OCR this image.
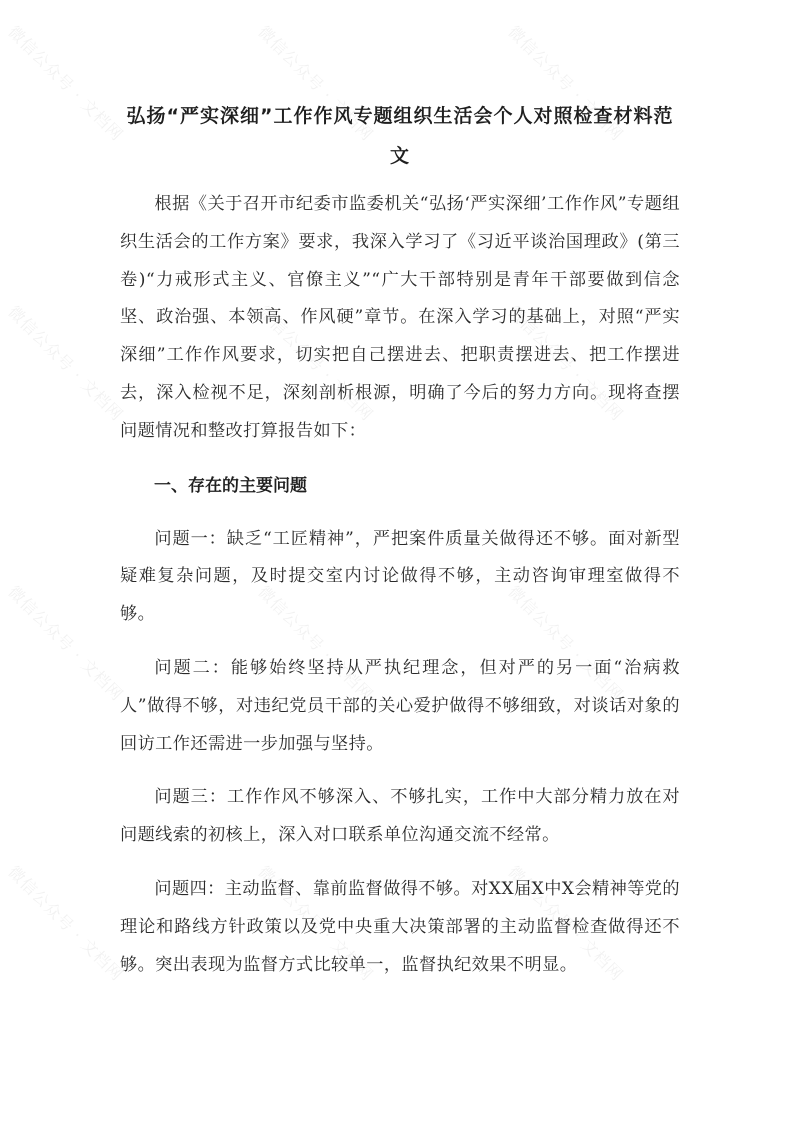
微信公众号 · 文档网	微信公众号 · 文档网	微信公众号 · 文档网
微信公众号 · 文档网	微信公众号 · 文档网	微信公众号 · 文档网
微信公众号 · 文档网	微信公众号 · 文档网	微信公众号 · 文档网
微信公众号 · 文档网	微信公众号 · 文档网	微信公众号 · 文档网
弘扬“严实深细”工作作风专题组织生活会个人对照检查材料范文

根据《关于召开市纪委市监委机关“弘扬‘严实深细’工作作风”专题组织生活会的工作方案》要求，我深入学习了《习近平谈治国理政》(第三卷)“力戒形式主义、官僚主义”“广大干部特别是青年干部要做到信念坚、政治强、本领高、作风硬”章节。在深入学习的基础上，对照“严实深细”工作作风要求，切实把自己摆进去、把职责摆进去、把工作摆进去，深入检视不足，深刻剖析根源，明确了今后的努力方向。现将查摆问题情况和整改打算报告如下：

一、存在的主要问题

问题一：缺乏“工匠精神”，严把案件质量关做得还不够。面对新型疑难复杂问题，及时提交室内讨论做得不够，主动咨询审理室做得不够。

问题二：能够始终坚持从严执纪理念，但对严的另一面“治病救人”做得不够，对违纪党员干部的关心爱护做得不够细致，对谈话对象的回访工作还需进一步加强与坚持。

问题三：工作作风不够深入、不够扎实，工作中大部分精力放在对问题线索的初核上，深入对口联系单位沟通交流不经常。

问题四：主动监督、靠前监督做得不够。对XX届X中X会精神等党的理论和路线方针政策以及党中央重大决策部署的主动监督检查做得还不够。突出表现为监督方式比较单一，监督执纪效果不明显。
